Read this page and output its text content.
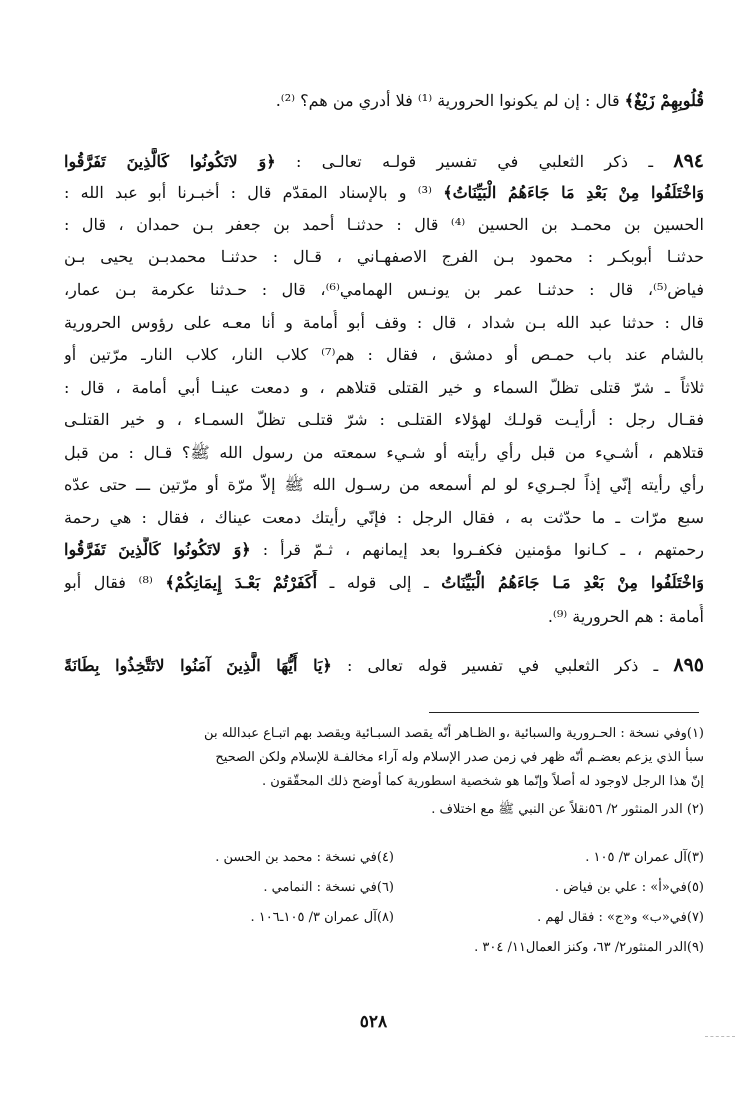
قُلُوبِهِمْ زَيْغٌ﴾ قال : إن لم يكونوا الحرورية ⁽¹⁾ فلا أدري من هم؟ ⁽²⁾.
٨٩٤ ـ ذكر الثعلبي في تفسير قولـه تعالـى : ﴿وَ لاتَكُونُوا كَالَّذِينَ تَفَرَّقُوا
وَاخْتَلَفُوا مِنْ بَعْدِ مَا جَاءَهُمُ الْبَيِّنَاتُ﴾ ⁽³⁾ و بالإسناد المقدّم قال : أخبـرنا أبو عبد الله :
الحسين بن محمـد بن الحسين ⁽⁴⁾ قال : حدثنـا أحمد بن جعفر بـن حمدان ، قال :
حدثنـا أبوبكـر : محمود بـن الفرج الاصفهـاني ، قـال : حدثنـا محمدبـن يحيى بـن
فياض⁽⁵⁾، قال : حدثنـا عمر بن يونـس الهمامي⁽⁶⁾، قال : حـدثنا عكرمة بـن عمار،
قال : حدثنا عبد الله بـن شداد ، قال : وقف أبو أُمامة و أنا معـه على رؤوس الحرورية
بالشام عند باب حمـص أو دمشق ، فقال : هم⁽⁷⁾ كلاب النار، كلاب النارـ مرّتين أو
ثلاثاً ـ شرّ قتلى تظلّ السماء و خير القتلى قتلاهم ، و دمعت عينـا أبي أمامة ، قال :
فقـال رجل : أرأيـت قولـك لهؤلاء القتلـى : شرّ قتلـى تظلّ السمـاء ، و خير القتلـى
قتلاهم ، أشـيء من قبل رأي رأيته أو شـيء سمعته من رسول الله ﷺ؟ قـال : من قبل
رأي رأيته إنّي إذاً لجـريء لو لم أسمعه من رسـول الله ﷺ إلاّ مرّة أو مرّتين ـــ حتى عدّه
سبع مرّات ـ ما حدّثت به ، فقال الرجل : فإنّي رأيتك دمعت عيناك ، فقال : هي رحمة
رحمتهم ، ـ كـانوا مؤمنين فكفـروا بعد إيمانهم ، ثـمّ قرأ : ﴿وَ لاتَكُونُوا كَالَّذِينَ تَفَرَّقُوا
وَاخْتَلَفُوا مِنْ بَعْدِ مَـا جَاءَهُمُ الْبَيِّنَاتُ ـ إلى قوله ـ أَكَفَرْتُمْ بَعْـدَ إِيمَانِكُمْ﴾ ⁽⁸⁾ فقال أبو
أُمامة : هم الحرورية ⁽⁹⁾.
٨٩٥ ـ ذكر الثعلبي في تفسير قوله تعالى : ﴿يَا أَيُّهَا الَّذِينَ آمَنُوا لاتَتَّخِذُوا بِطَانَةً
(١)وفي نسخة : الحـرورية والسبائية ،و الظـاهر أنّه يقصد السبـائية ويقصد بهم اتبـاع عبدالله بن
سبأ الذي يزعم بعضـم أنّه ظهر في زمن صدر الإسلام وله آراء مخالفـة للإسلام ولكن الصحيح
إنّ هذا الرجل لاوجود له أصلاً وإنّما هو شخصية اسطورية كما أوضح ذلك المحقّقون .
(٢) الدر المنثور ٢/ ٥٦نقلاً عن النبي ﷺ مع اختلاف .
(٣)آل عمران ٣/ ١٠٥ .
(٤)في نسخة : محمد بن الحسن .
(٥)في«أ» : علي بن فياض .
(٦)في نسخة : النمامي .
(٧)في«ب» و«ج» : فقال لهم .
(٨)آل عمران ٣/ ١٠٥ـ١٠٦ .
(٩)الدر المنثور٢/ ٦٣، وكنز العمال١١/ ٣٠٤ .
٥٢٨
